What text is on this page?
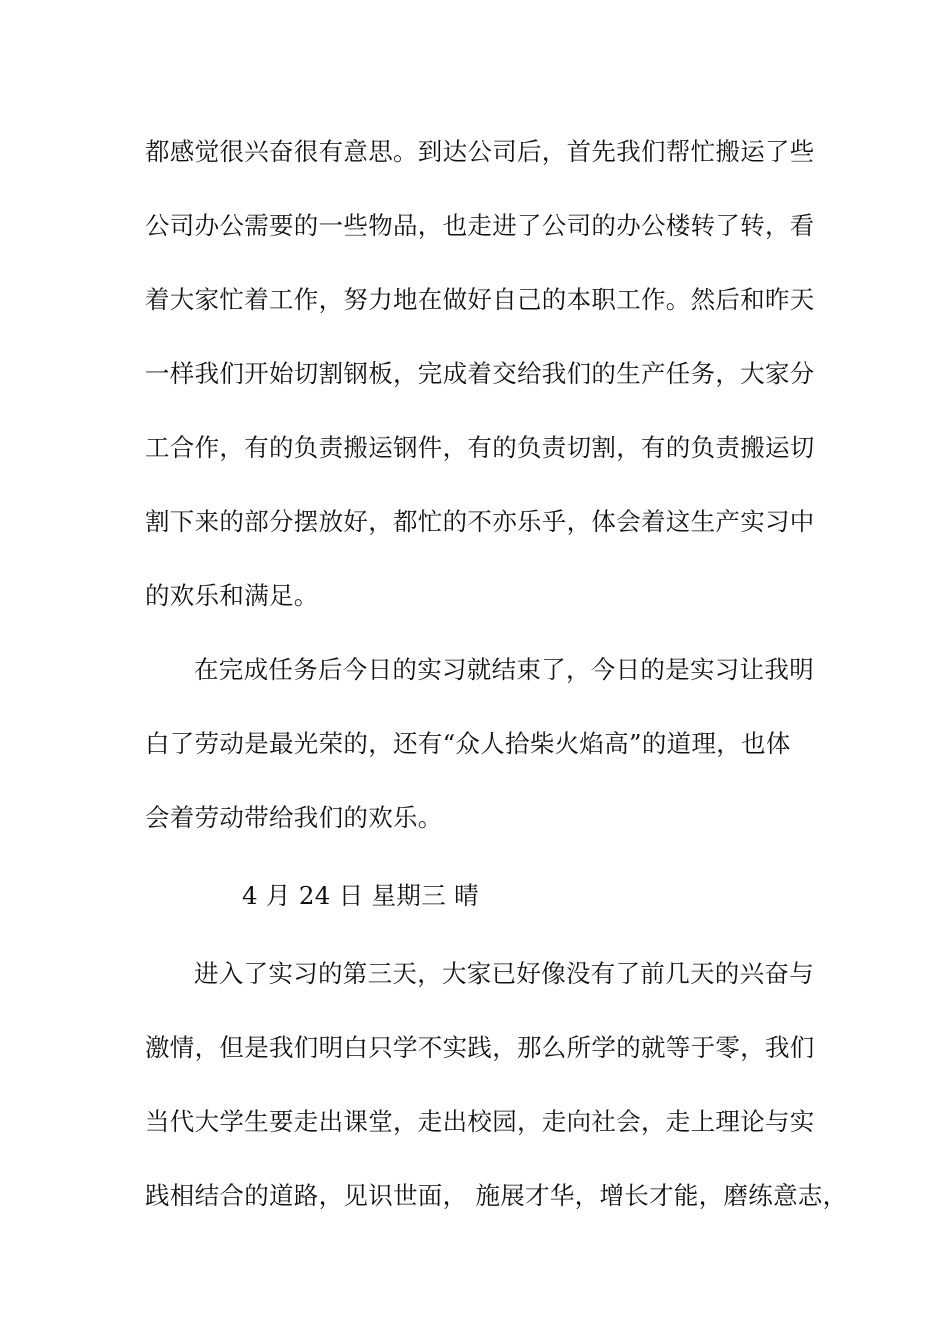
都感觉很兴奋很有意思。到达公司后，首先我们帮忙搬运了些
公司办公需要的一些物品，也走进了公司的办公楼转了转，看
着大家忙着工作，努力地在做好自己的本职工作。然后和昨天
一样我们开始切割钢板，完成着交给我们的生产任务，大家分
工合作，有的负责搬运钢件，有的负责切割，有的负责搬运切
割下来的部分摆放好，都忙的不亦乐乎，体会着这生产实习中
的欢乐和满足。
在完成任务后今日的实习就结束了，今日的是实习让我明
白了劳动是最光荣的，还有“众人拾柴火焰高”的道理，也体
会着劳动带给我们的欢乐。
4 月 24 日 星期三 晴
进入了实习的第三天，大家已好像没有了前几天的兴奋与
激情，但是我们明白只学不实践，那么所学的就等于零，我们
当代大学生要走出课堂，走出校园，走向社会，走上理论与实
践相结合的道路，见识世面， 施展才华，增长才能，磨练意志，
